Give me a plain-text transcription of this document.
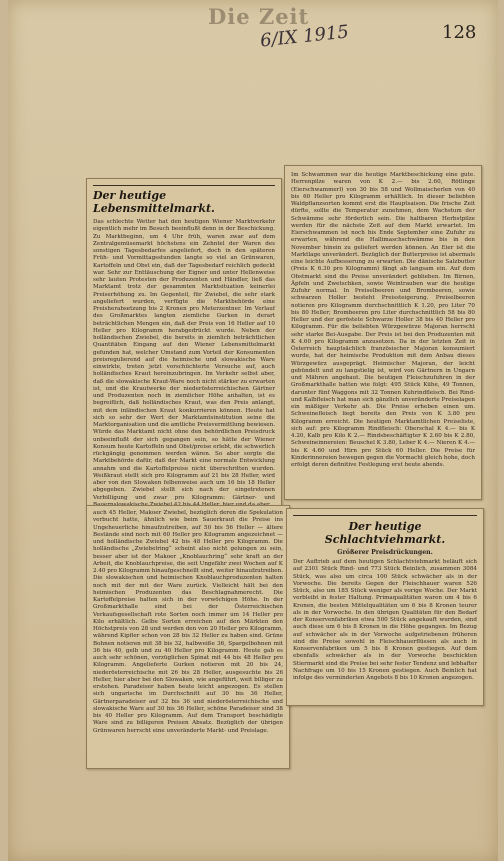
Die Zeit
6/IX 1915	128
Der heutige Lebensmittelmarkt.

Das schlechte Wetter hat den heutigen Wiener Marktverkehr eigentlich mehr im Besuch beeinflußt denn in der Beschickung. Zu Marktbeginn, um 4 Uhr früh, waren zwar auf dem Zentralgemüsemarkt höchstens ein Zehntel der Waren des sonstigen Tagesbedarfes angeliefert, doch in den späteren Früh- und Vormittagsstunden langte so viel an Grünwaren, Kartoffeln und Obst ein, daß der Tagesbedarf reichlich gedeckt war. Sehr zur Enttäuschung der Eigner und unter Hellenweise sehr lauten Protesten der Produzenten und Händler, ließ das Marktamt trotz der gesammten Marktsituation keinerlei Preiserhöhung zu. Im Gegenteil, für Zwiebel, die sehr stark angeliefert wurden, verfügte die Marktbehörde eine Preisherabsetzung bis 2 Kronen pro Meterzentner. Im Verlauf des Großmarktes langten ziemliche Gurken in derart beträchtlichen Mengen ein, daß der Preis von 16 Heller auf 10 Heller pro Kilogramm herabgedrückt wurde. Neben der holländischen Zwiebel, die bereits in ziemlich beträchtlichen Quantitäten Eingang auf den Wiener Lebensmittelmarkt gefunden hat, welcher Umstand zum Vorteil der Konsumenten preisregulierend auf die heimische und slowakische Ware einwirkte, treten jetzt vorschüchterte Versuche auf, auch holländisches Kraut hereinzubringen. Im Verkehr selbst aber, daß die slowakische Kraut-Ware noch nicht stärker zu erwarten ist, und die Krautwerke der niederösterreichischen Gärtner und Produzenten noch in ziemlicher Höhe anhalten, ist es begreiflich, daß holländisches Kraut, was den Preis anlangt, mit dem inländischen Kraut konkurrieren können. Heute hat sich so sehr der Wert der Marktamtsinstitution seine die Marktorganisation und die amtliche Preisvermittlung bewiesen. Würde das Marktamt nicht ohne den behördlichen Preisdruck unbeeinflußt der sich gegangen sein, so hätte der Wiener Konsum heute Kartoffeln und Obst/preise erlebt, die schwerlich rückgängig genommen werden wären. So aber sorgte die Marktbehörde dafür, daß der Markt eine normale Entwicklung annahm und die Kartoffelpreise nicht überschritten wurden. Weißkraut stellt sich pro Kilogramm auf 21 bis 28 Heller, wird aber von den Slowaken felbenweise auch um 16 bis 18 Heller abgegeben. Zwiebel stellt sich nach der eingetretenen Verbilligung und zwar pro Kilogramm: Gärtner- und

auch 45 Heller, Makoer Zwiebel, bezüglich deren die Spekulation verbucht hatte, ähnlich wie beim Sauerkraut die Preise ins Ungeheuerliche hinaufzutreiben, auf 50 bis 56 Heller — ältere Bestände sind noch mit 60 Heller pro Kilogramm angezeichnet — und holländische Zwiebel 42 bis 48 Heller pro Kilogramm. Die holländische „Zwiebelring“ scheint also nicht gelungen zu sein, besser aber ist der Makoer „Knoblauchring“ sehr kraft an der Arbeit, die Knoblauchpreise, die seit Ungefähr zwei Wochen auf K 2.40 pro Kilogramm hinaufgeschnellt sind, weiter hinaufzutreiben. Die slowakischen und heimischen Knoblauchproduzenten halten noch mit der mit der Ware zurück. Vielleicht hält bei den heimischen Produzenten das Beschlagnahmerecht. Die Kartoffelpreise halten sich in der vorwöchigen Höhe. In der Großmarkthalle sind bei der Österreichischen Verkaufsgesellschaft rote Sorten noch immer um 14 Heller pro Kilo erhältlich. Gelbe Sorten erreichen auf den Märkten den Höchstpreis von 28 und werden den von 20 Heller pro Kilogramm, während Kipfler schon von 28 bis 32 Heller zu haben sind. Grüne Bohnen notieren mit 38 bis 32, halbweiße 36, Spargelbohnen mit 36 bis 40, gelb und zu 40 Heller pro Kilogramm. Heute gab es auch sehr schönen, vorzüglichen Spinat mit 44 bis 48 Heller pro Kilogramm. Angelieferte Gurken notieren mit 20 bis 24, niederösterreichische mit 26 bis 28 Heller, ausgesuchte bis 26 Heller, hier aber bei den Slowaken, wie angeführt, weit billiger zu erstehen. Paradeiser haben heute leicht angezogen. Es stellen sich ungarische im Durchschnitt auf 30 bis 36 Heller, Gärtnerparadeiser auf 32 bis 36 und niederösterreichische und slowakische Ware auf 30 bis 36 Heller, schöne Paradeiser sind 38 bis 40 Heller pro Kilogramm. Auf dem Transport beschädigte Ware sind zu billigeren Preisen Absatz. Bezüglich der übrigen Grünwaren herrscht eine unveränderte Markt- und Preislage.

Im Schwammen war die heutige Marktbeschickung eine gute. Herrenpilze waren von K 2.— bis 2.60, Rötlinge (Eierschwammerl) von 30 bis 58 und Wollmaischerlen von 40 bis 60 Heller pro Kilogramm erhältlich. In dieser beliebten Waldpflanzsorten kommt erst die Hauptsaison. Die frische Zeit dürfte, sollte die Temperatur zunehmen, dem Wachstum der Schwämme sehr förderlich sein. Die haltbaren Herbstpilze werden für die nächste Zeit auf dem Markt erwartet. Im Eierschwammen ist noch bis Ende September eine Zufuhr zu erwarten, während die Hallimaschschwämme bis in den November hinein zu geliefert werden können. An Eier ist die Marktlage unverändert. Bezüglich der Butterpreise ist abermals eine leichte Aufbesserung zu erwarten. Die dänische Salzbutter (Preis K 6.30 pro Kilogramm) fängt ab langsam ein. Auf dem Obstmarkt sind die Preise unverändert geblieben. Im Birnen, Äpfeln und Zwetschken, sowie Weintrauben war die heutige Zufuhr normal. In Preiselbeeren und Brombeeren, sowie schwarzen Holler besteht Preissteigerung. Preiselbeeren notieren pro Kilogramm durchschnittlich K 1.20, pro Liter 70 bis 80 Heller; Brombeeren pro Liter durchschnittlich 58 bis 80 Heller und der geröstete Schwarze Holler 38 bis 40 Heller pro Kilogramm. Für die beliebten Würzgewürze Majoran herrscht sehr starke Bei-Ausgabe. Der Preis ist bei den Produzenten mit K 4.60 pro Kilogramm anzusetzen. Da in der letzten Zeit in Österreich hauptsächlich französischer Majoran konsumiert wurde, hat der heimische Produktion mit dem Anbau dieses Würzgewürz ausgeprägt. Heimischer Majoran, der leicht gebündelt und zu langstielig ist, wird von Gärtnern in Ungarn und Mähren angebaut. Die heutigen Fleischzufuhren in der Großmarkthalle hatten wie folgt: 495 Stück Kühe, 49 Tonnen, darunter fünf Waggons mit 32 Tonnen Kuhrindfleisch. Bei Rind- und Kalbfleisch hat man sich gänzlich unveränderte Preiselagen ein mäßiger Verkehr ab. Die Preise erheben einen um. Schweinefleisch liegt bereits den Preis von K 3.80 pro Kilogramm erreicht. Die heutigen Marktamtlichen Preiseliste, sich auf: pro Kilogramm Rindfleisch: Oberschal K 4.— bis K 4.20, Kalb pro Kilo K 2.— Rindsbeschäftigter K 2.60 bis K 2.80, Schweineinnereien: Beuschel K 3.80, Leber K 4.— Nieren K 4.— bis K 4.60 und Hirn pro Stück 60 Heller. Die Preise für Kinderinnereien bewegen gegen die Vormacht gleich hohe, doch erfolgt deren definitive Festlegung erst heute abends.

Der heutige Schlachtviehmarkt.
Größerer Preisdrückungen.

Der Auftrieb auf dem heutigen Schlachtviehmarkt beläuft sich auf 2301 Stück Rind- und 773 Stück Beinlich, zusammen 3084 Stück, was also um circa 100 Stück schwächer als in der Vorwoche. Die bereits Gegen der Fleischhauer waren 526 Stück, also um 185 Stück weniger als vorige Woche. Der Markt verbleibt in fester Haltung. Primaqualitäten waren um 4 bis 6 Kronen, die besten Mittelqualitäten um 6 bis 8 Kronen teurer als in der Vorwoche. In den übrigen Qualitäten für den Bedarf der Konservenfabriken etwa 500 Stück angekauft wurden, sind auch diese um 6 bis 8 Kronen in die Höhe gegangen. Im Bezug auf schwächer als in der Vorwoche aufgetriebenen früheren sind die Preise sowohl in Fleischhauerflüssen als auch in Konservenfabriken um 5 bis 8 Kronen gestiegen. Auf dem ebenfalls schwächer als in der Vorwoche beschickten Stiermarkt sind die Preise bei sehr fester Tendenz und lebhafter Nachfrage um 10 bis 15 Kronen gestiegen. Auch Beinlich hat infolge des verminderten Angebots 8 bis 10 Kronen angezogen.
